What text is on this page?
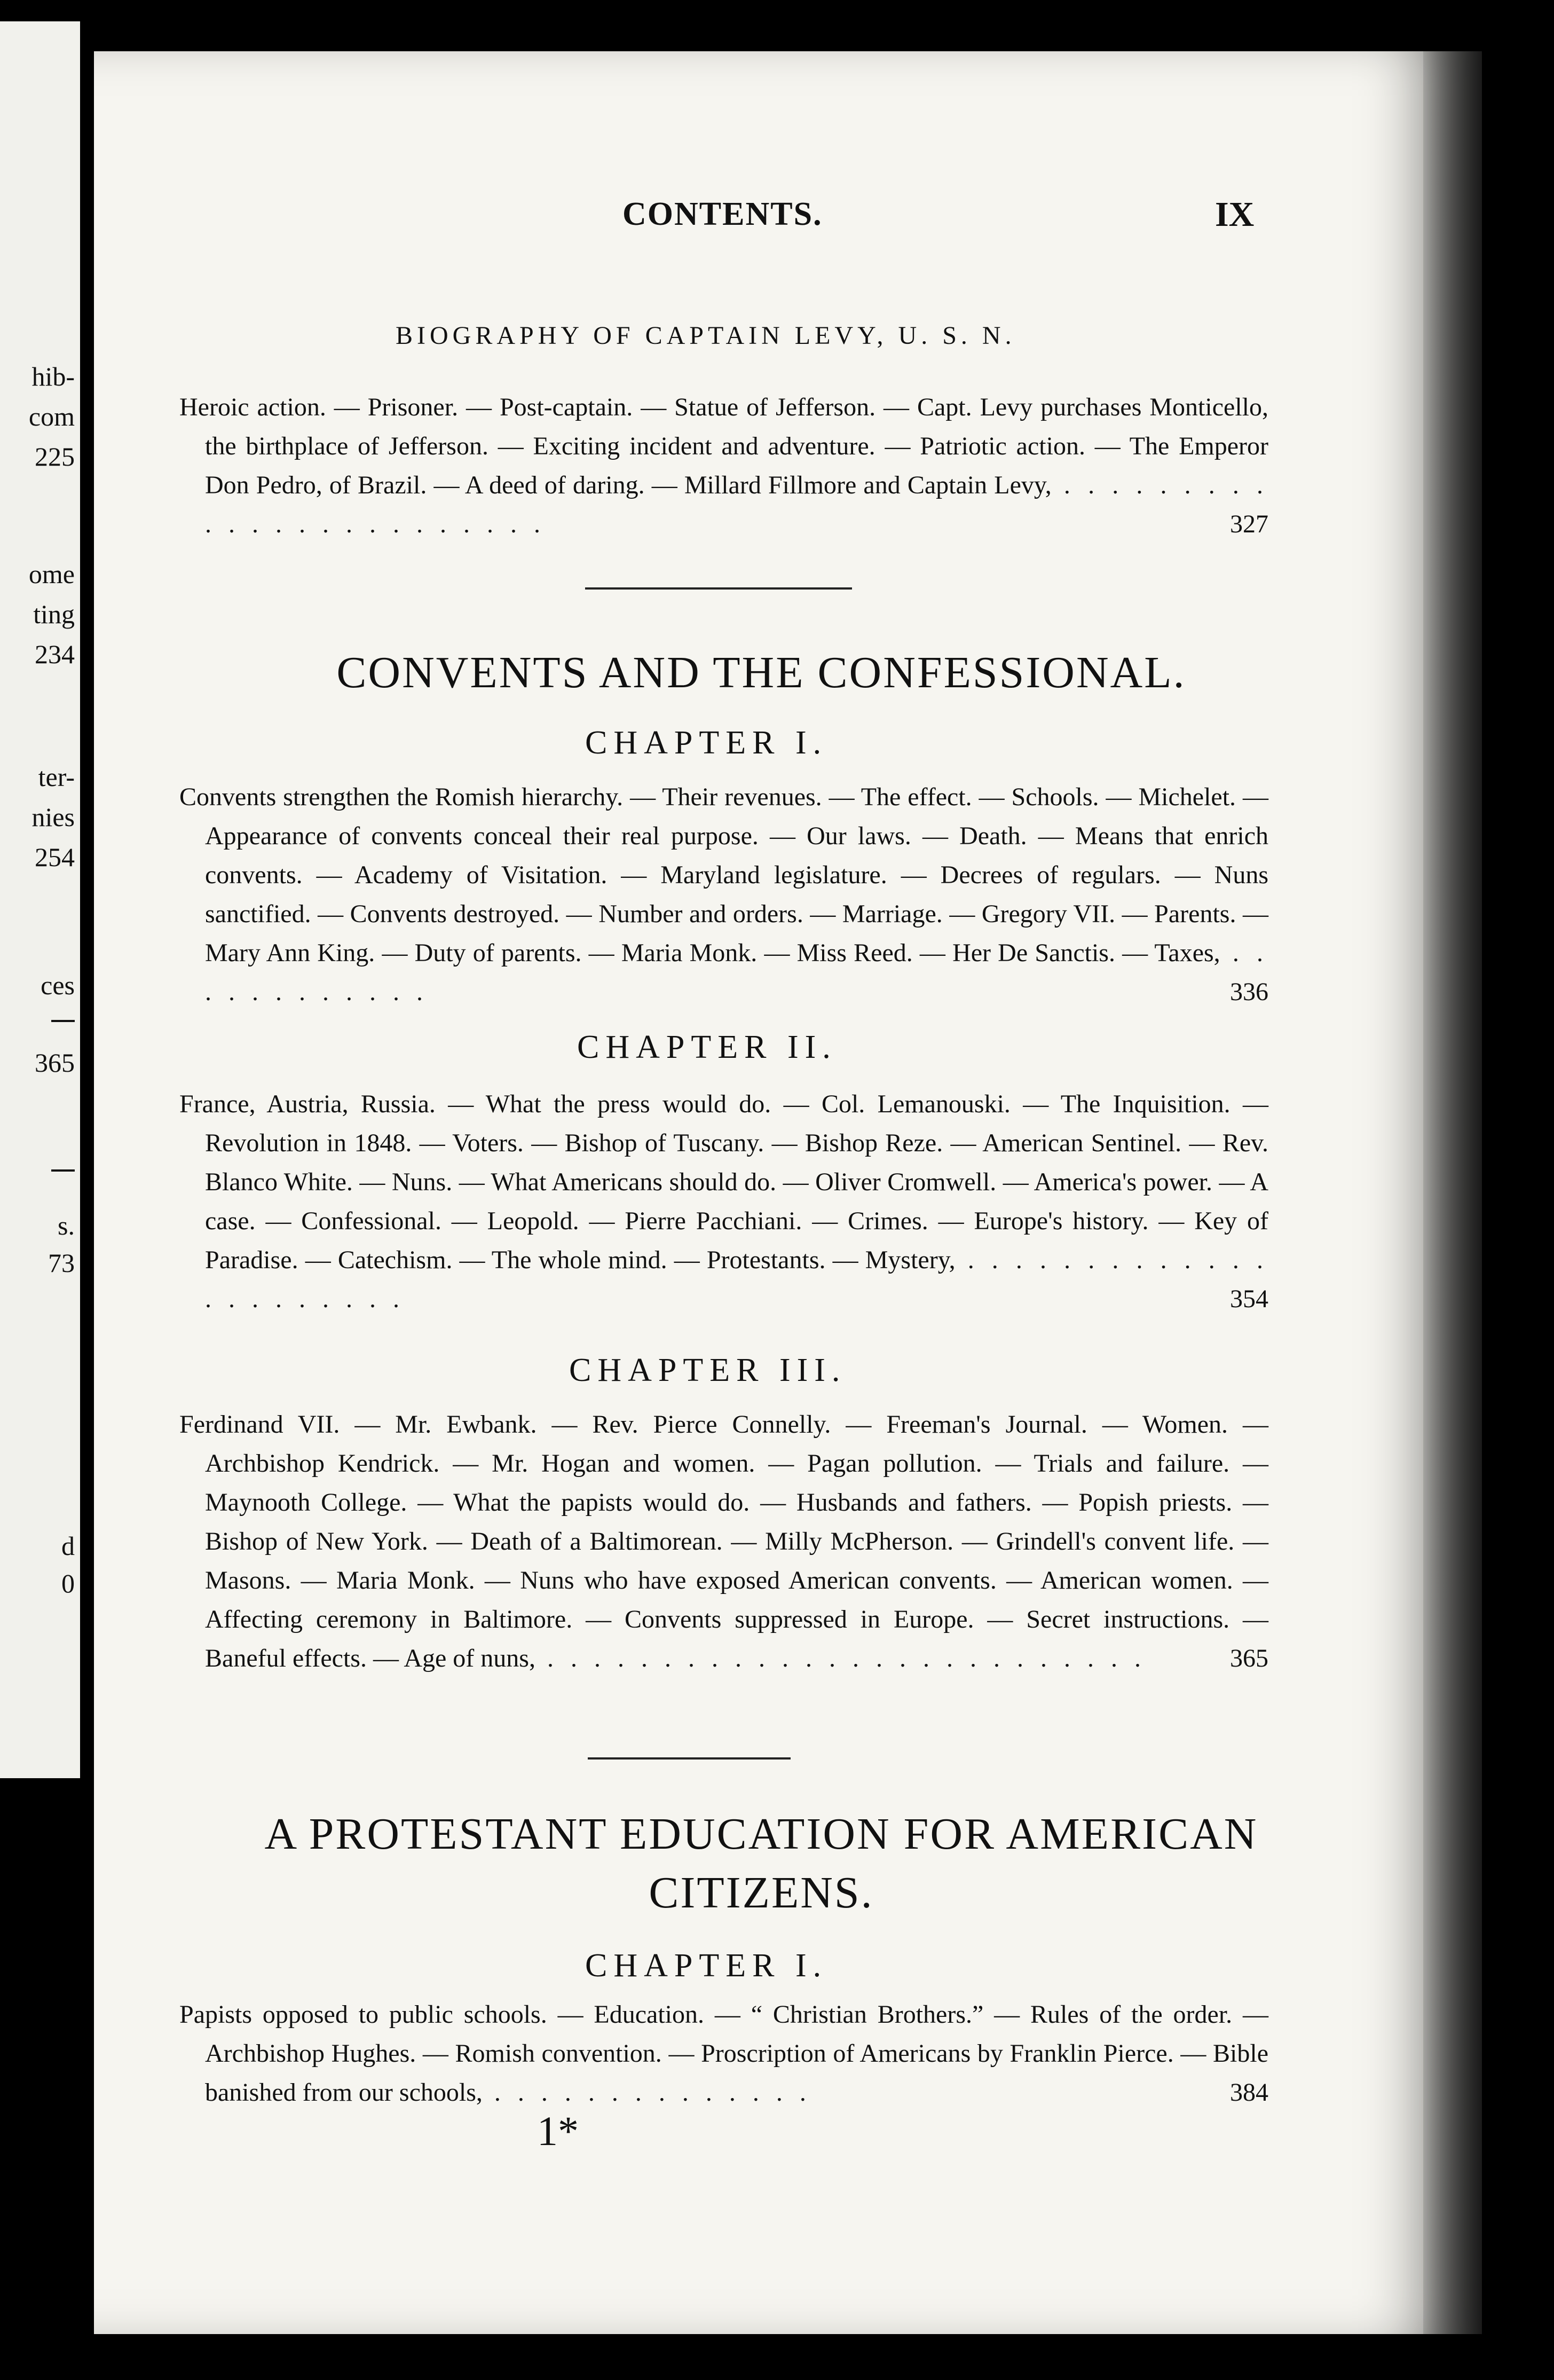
hib-
com
225
ome
ting
234
ter-
nies
254
ces
365
s.
73
d
0
CONTENTS.	IX
BIOGRAPHY OF CAPTAIN LEVY, U. S. N.
Heroic action. — Prisoner. — Post-captain. — Statue of Jefferson. — Capt. Levy purchases Monticello, the birthplace of Jefferson. — Exciting incident and adventure. — Patriotic action. — The Emperor Don Pedro, of Brazil. — A deed of daring. — Millard Fillmore and Captain Levy, . . . . . . . . . . . . . . . . . . . . . . . .	327
CONVENTS AND THE CONFESSIONAL.
CHAPTER I.
Convents strengthen the Romish hierarchy. — Their revenues. — The effect. — Schools. — Michelet. — Appearance of convents conceal their real purpose. — Our laws. — Death. — Means that enrich convents. — Academy of Visitation. — Maryland legislature. — Decrees of regulars. — Nuns sanctified. — Convents destroyed. — Number and orders. — Marriage. — Gregory VII. — Parents. — Mary Ann King. — Duty of parents. — Maria Monk. — Miss Reed. — Her De Sanctis. — Taxes, . . . . . . . . . . . .	336
CHAPTER II.
France, Austria, Russia. — What the press would do. — Col. Lemanouski. — The Inquisition. — Revolution in 1848. — Voters. — Bishop of Tuscany. — Bishop Reze. — American Sentinel. — Rev. Blanco White. — Nuns. — What Americans should do. — Oliver Cromwell. — America's power. — A case. — Confessional. — Leopold. — Pierre Pacchiani. — Crimes. — Europe's history. — Key of Paradise. — Catechism. — The whole mind. — Protestants. — Mystery, . . . . . . . . . . . . . . . . . . . . . .	354
CHAPTER III.
Ferdinand VII. — Mr. Ewbank. — Rev. Pierce Connelly. — Freeman's Journal. — Women. — Archbishop Kendrick. — Mr. Hogan and women. — Pagan pollution. — Trials and failure. — Maynooth College. — What the papists would do. — Husbands and fathers. — Popish priests. — Bishop of New York. — Death of a Baltimorean. — Milly McPherson. — Grindell's convent life. — Masons. — Maria Monk. — Nuns who have exposed American convents. — American women. — Affecting ceremony in Baltimore. — Convents suppressed in Europe. — Secret instructions. — Baneful effects. — Age of nuns, . . . . . . . . . . . . . . . . . . . . . . . . . .	365
A PROTESTANT EDUCATION FOR AMERICAN
CITIZENS.
CHAPTER I.
Papists opposed to public schools. — Education. — “ Christian Brothers.” — Rules of the order. — Archbishop Hughes. — Romish convention. — Proscription of Americans by Franklin Pierce. — Bible banished from our schools, . . . . . . . . . . . . . .	384
1*
